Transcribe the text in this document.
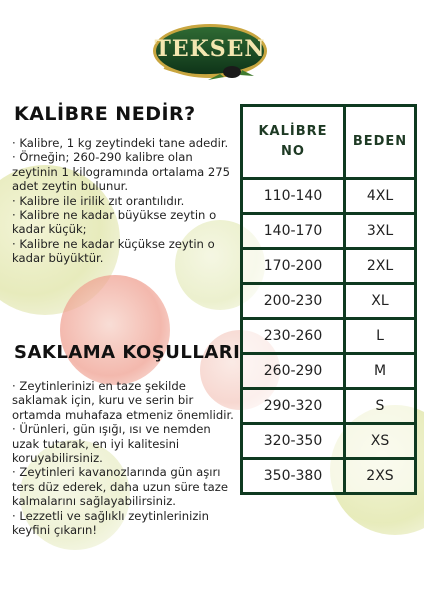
TEKSEN
KALİBRE NEDİR?

· Kalibre, 1 kg zeytindeki tane adedir.

· Örneğin; 260-290 kalibre olan zeytinin 1 kilogramında ortalama 275 adet zeytin bulunur.

· Kalibre ile irilik zıt orantılıdır.

· Kalibre ne kadar büyükse zeytin o kadar küçük;

· Kalibre ne kadar küçükse zeytin o kadar büyüktür.

SAKLAMA KOŞULLARI

· Zeytinlerinizi en taze şekilde saklamak için, kuru ve serin bir ortamda muhafaza etmeniz önemlidir.

· Ürünleri, gün ışığı, ısı ve nemden uzak tutarak, en iyi kalitesini koruyabilirsiniz.

· Zeytinleri kavanozlarında gün aşırı ters düz ederek, daha uzun süre taze kalmalarını sağlayabilirsiniz.

· Lezzetli ve sağlıklı zeytinlerinizin keyfini çıkarın!

KALİBRE NO	BEDEN
110-140	4XL
140-170	3XL
170-200	2XL
200-230	XL
230-260	L
260-290	M
290-320	S
320-350	XS
350-380	2XS
